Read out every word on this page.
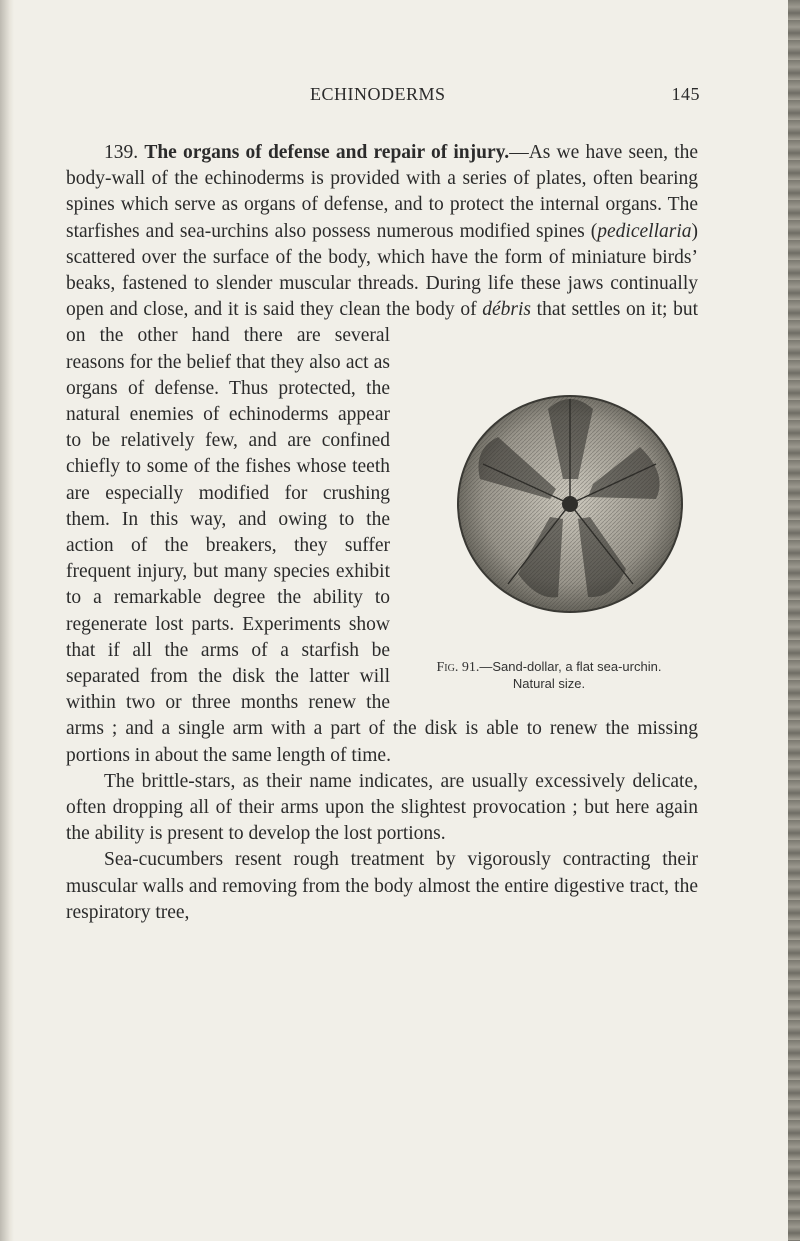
ECHINODERMS	145

139. The organs of defense and repair of injury.—As we have seen, the body-wall of the echinoderms is provided with a series of plates, often bearing spines which serve as organs of defense, and to protect the internal organs. The starfishes and sea-urchins also possess numerous modified spines (pedicellaria) scattered over the surface of the body, which have the form of miniature birds’ beaks, fastened to slender muscular threads. During life these jaws continually open and close, and it is said they clean the body of débris
Fig. 91.—Sand-dollar, a flat sea-urchin.
Natural size.
that settles on it; but on the other hand there are several reasons for the belief that they also act as organs of defense. Thus protected, the natural enemies of echinoderms appear to be relatively few, and are confined chiefly to some of the fishes whose teeth are especially modified for crushing them. In this way, and owing to the action of the breakers, they suffer frequent injury, but many species exhibit to a remarkable degree the ability to regenerate lost parts. Experiments show that if all the arms of a starfish be separated from the disk the latter will within two or three months renew the arms ; and a single arm with a part of the disk is able to renew the missing portions in about the same length of time.

The brittle-stars, as their name indicates, are usually excessively delicate, often dropping all of their arms upon the slightest provocation ; but here again the ability is present to develop the lost portions.

Sea-cucumbers resent rough treatment by vigorously contracting their muscular walls and removing from the body almost the entire digestive tract, the respiratory tree,
